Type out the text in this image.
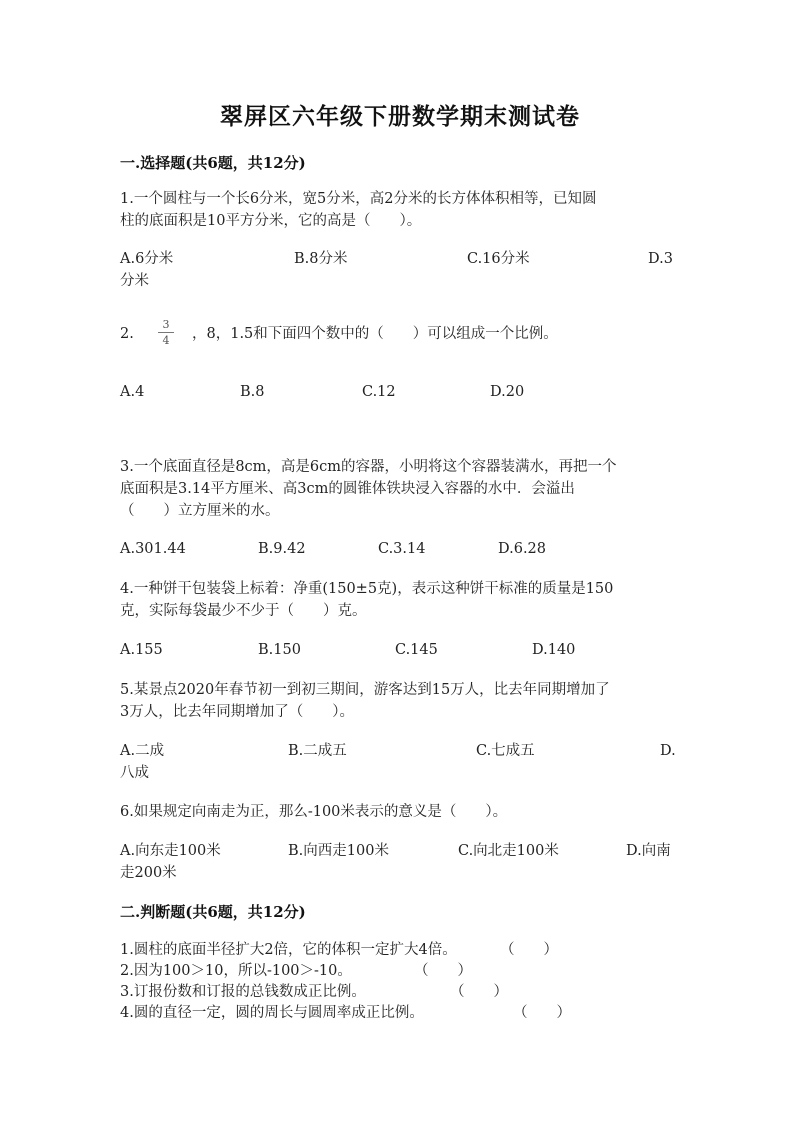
翠屏区六年级下册数学期末测试卷
一.选择题(共6题，共12分)
1.一个圆柱与一个长6分米，宽5分米，高2分米的长方体体积相等，已知圆
柱的底面积是10平方分米，它的高是（　　）。
A.6分米	B.8分米	C.16分米	D.3
分米
2.	，8，1.5和下面四个数中的（　　）可以组成一个比例。
3
4
A.4	B.8	C.12	D.20
3.一个底面直径是8cm，高是6cm的容器，小明将这个容器装满水，再把一个
底面积是3.14平方厘米、高3cm的圆锥体铁块浸入容器的水中．会溢出
（　　）立方厘米的水。
A.301.44	B.9.42	C.3.14	D.6.28
4.一种饼干包装袋上标着：净重(150±5克)，表示这种饼干标准的质量是150
克，实际每袋最少不少于（　　）克。
A.155	B.150	C.145	D.140
5.某景点2020年春节初一到初三期间，游客达到15万人，比去年同期增加了
3万人，比去年同期增加了（　　）。
A.二成	B.二成五	C.七成五	D.
八成
6.如果规定向南走为正，那么-100米表示的意义是（　　）。
A.向东走100米	B.向西走100米	C.向北走100米	D.向南
走200米
二.判断题(共6题，共12分)
1.圆柱的底面半径扩大2倍，它的体积一定扩大4倍。	（　　）
2.因为100＞10，所以-100＞-10。	（　　）
3.订报份数和订报的总钱数成正比例。	（　　）
4.圆的直径一定，圆的周长与圆周率成正比例。	（　　）
